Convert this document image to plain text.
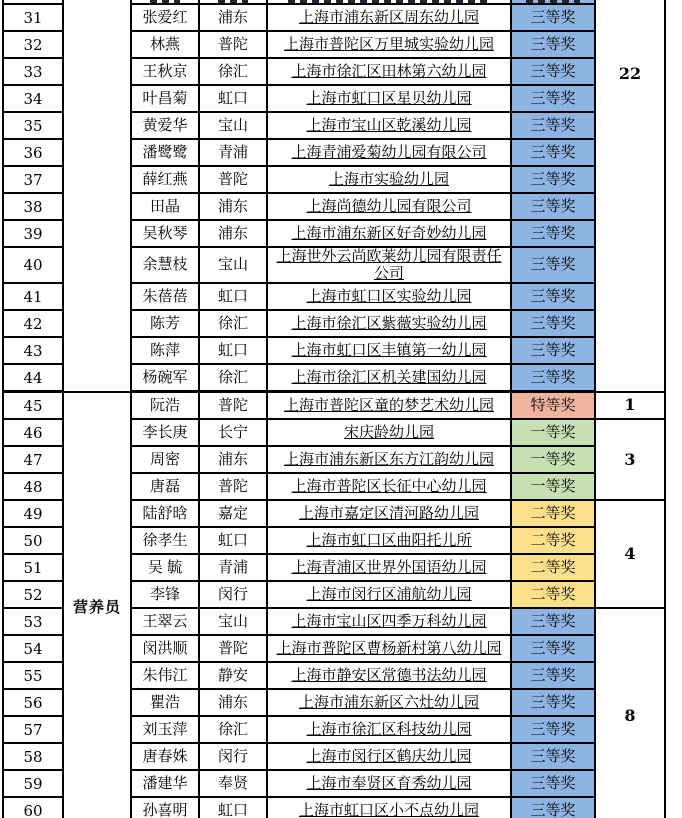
	22
31		张爱红	浦东	上海市浦东新区周东幼儿园	三等奖	
32		林燕	普陀	上海市普陀区万里城实验幼儿园	三等奖	
33		王秋京	徐汇	上海市徐汇区田林第六幼儿园	三等奖	
34		叶昌菊	虹口	上海市虹口区星贝幼儿园	三等奖	
35		黄爱华	宝山	上海市宝山区乾溪幼儿园	三等奖	
36		潘鹭鹭	青浦	上海青浦爱菊幼儿园有限公司	三等奖	
37		薛红燕	普陀	上海市实验幼儿园	三等奖	
38		田晶	浦东	上海尚德幼儿园有限公司	三等奖	
39		吴秋琴	浦东	上海市浦东新区好奇妙幼儿园	三等奖	
40		余慧枝	宝山	上海世外云尚欧莱幼儿园有限责任公司	三等奖	
41		朱蓓蓓	虹口	上海市虹口区实验幼儿园	三等奖	
42		陈芳	徐汇	上海市徐汇区紫薇实验幼儿园	三等奖	
43		陈萍	虹口	上海市虹口区丰镇第一幼儿园	三等奖	
44		杨碗军	徐汇	上海市徐汇区机关建国幼儿园	三等奖	
45	营养员	阮浩	普陀	上海市普陀区童的梦艺术幼儿园	特等奖	1
46		李长庚	长宁	宋庆龄幼儿园	一等奖	3
47		周密	浦东	上海市浦东新区东方江韵幼儿园	一等奖	
48		唐磊	普陀	上海市普陀区长征中心幼儿园	一等奖	
49		陆舒晗	嘉定	上海市嘉定区清河路幼儿园	二等奖	4
50		徐孝生	虹口	上海市虹口区曲阳托儿所	二等奖	
51		吴 毓	青浦	上海青浦区世界外国语幼儿园	二等奖	
52		李锋	闵行	上海市闵行区浦航幼儿园	二等奖	
53		王翠云	宝山	上海市宝山区四季万科幼儿园	三等奖	8
54		闵洪顺	普陀	上海市普陀区曹杨新村第八幼儿园	三等奖	
55		朱伟江	静安	上海市静安区常德书法幼儿园	三等奖	
56		瞿浩	浦东	上海市浦东新区六灶幼儿园	三等奖	
57		刘玉萍	徐汇	上海市徐汇区科技幼儿园	三等奖	
58		唐春姝	闵行	上海市闵行区鹤庆幼儿园	三等奖	
59		潘建华	奉贤	上海市奉贤区育秀幼儿园	三等奖	
60		孙喜明	虹口	上海市虹口区小不点幼儿园	三等奖	
